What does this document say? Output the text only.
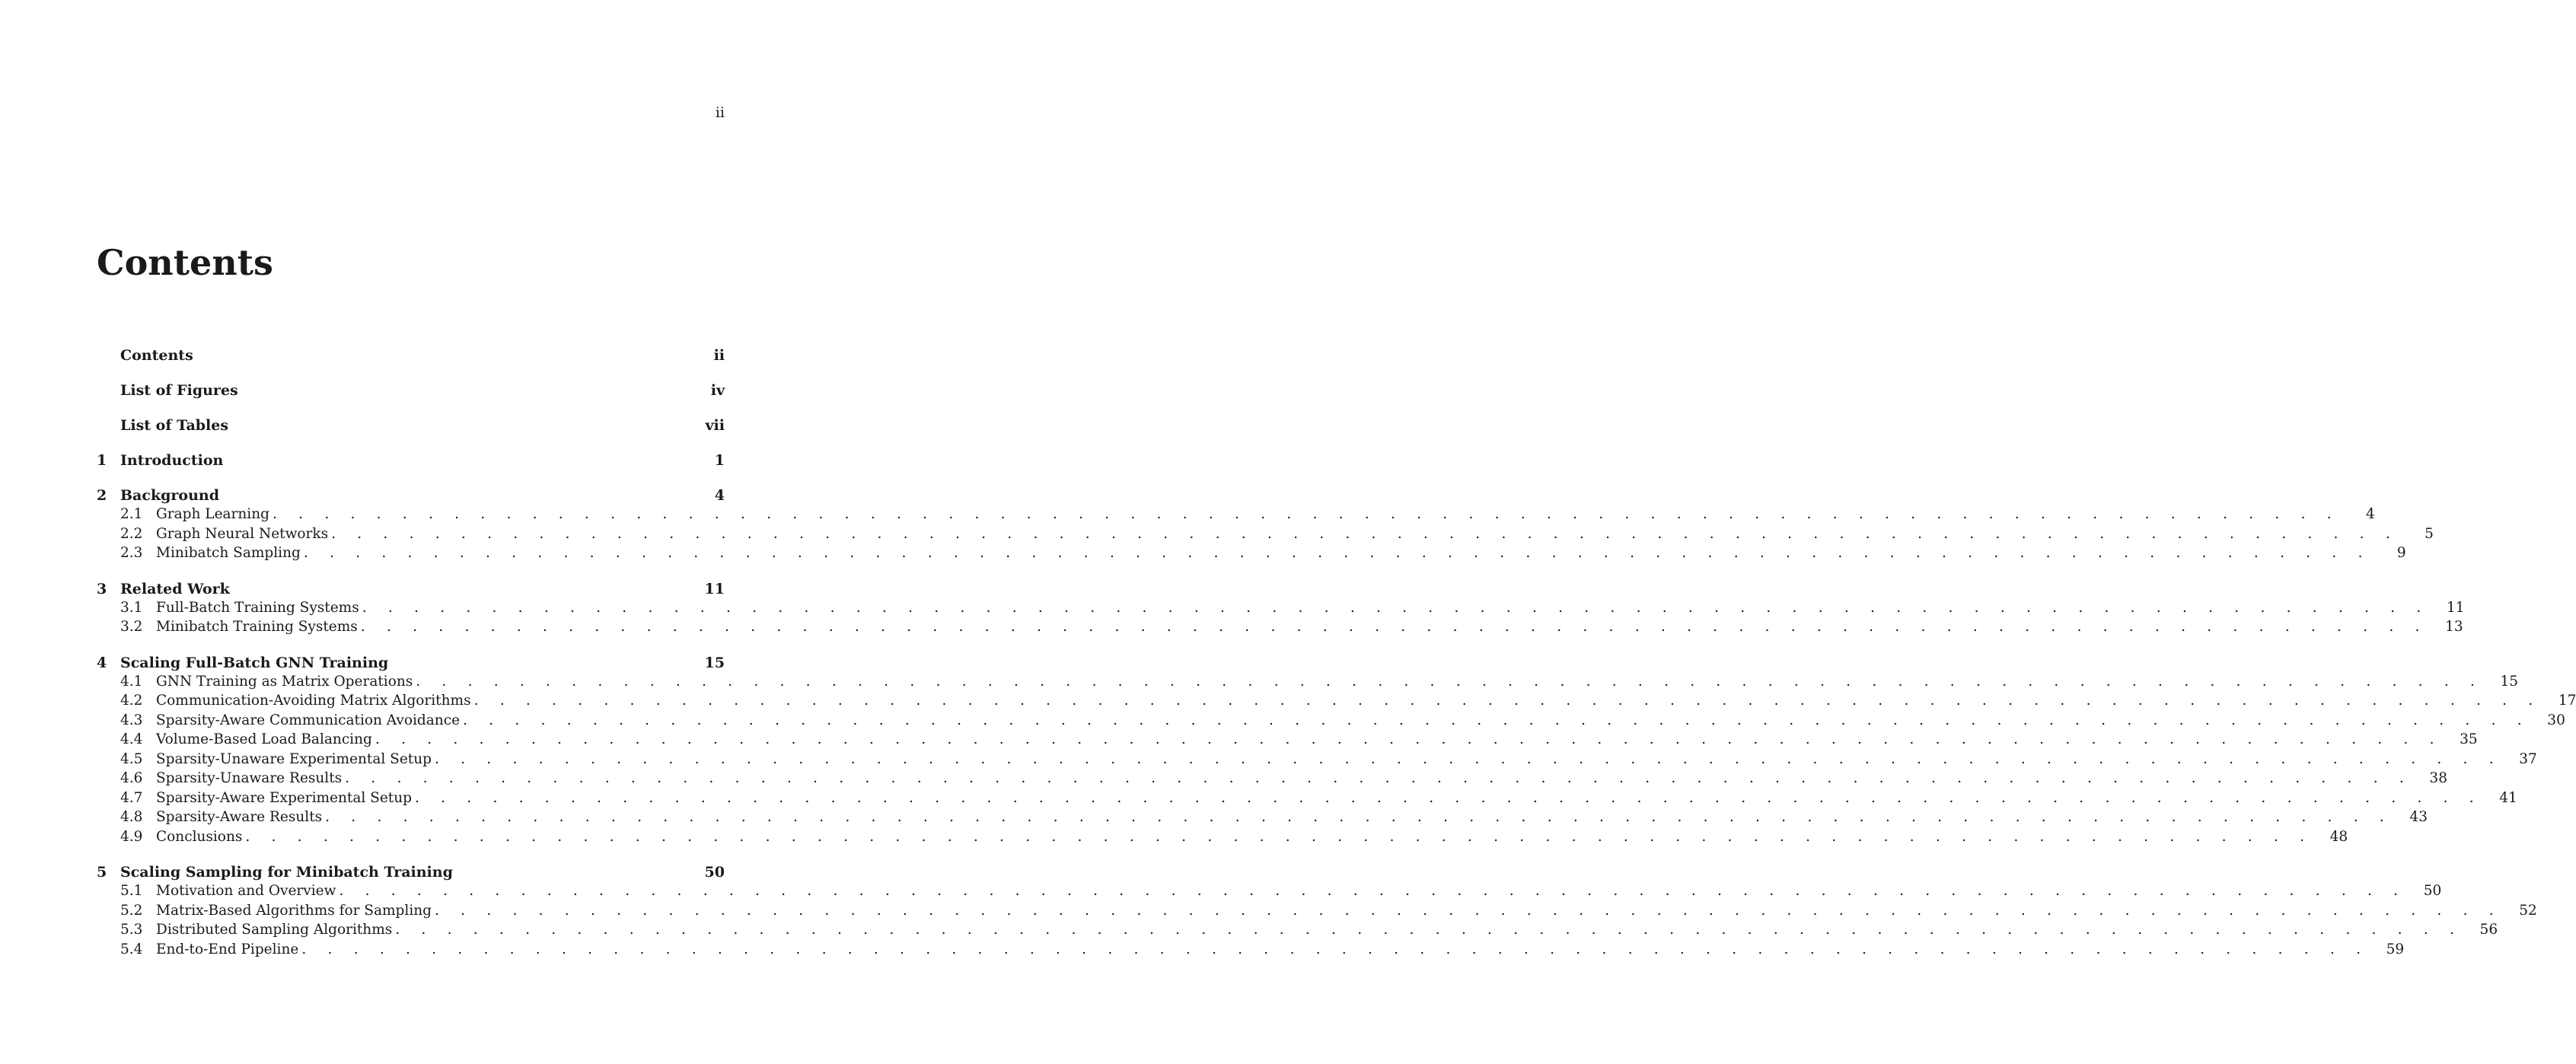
ii
Contents
Contents	ii
List of Figures	iv
List of Tables	vii
1 Introduction	1
2 Background	4
2.1 Graph Learning . . . . . . . . . . . . . . . . . . . . . . . . . . . . . . . . . . . . . . . . . . . . . . . . . . . . . . . . . . . . . . . . . . . . . . . . . . . . . . . .	4
2.2 Graph Neural Networks . . . . . . . . . . . . . . . . . . . . . . . . . . . . . . . . . . . . . . . . . . . . . . . . . . . . . . . . . . . . . . . . . . . . . . . . . . . . . . . .	5
2.3 Minibatch Sampling . . . . . . . . . . . . . . . . . . . . . . . . . . . . . . . . . . . . . . . . . . . . . . . . . . . . . . . . . . . . . . . . . . . . . . . . . . . . . . . .	9
3 Related Work	11
3.1 Full-Batch Training Systems . . . . . . . . . . . . . . . . . . . . . . . . . . . . . . . . . . . . . . . . . . . . . . . . . . . . . . . . . . . . . . . . . . . . . . . . . . . . . . . .	11
3.2 Minibatch Training Systems . . . . . . . . . . . . . . . . . . . . . . . . . . . . . . . . . . . . . . . . . . . . . . . . . . . . . . . . . . . . . . . . . . . . . . . . . . . . . . . .	13
4 Scaling Full-Batch GNN Training	15
4.1 GNN Training as Matrix Operations . . . . . . . . . . . . . . . . . . . . . . . . . . . . . . . . . . . . . . . . . . . . . . . . . . . . . . . . . . . . . . . . . . . . . . . . . . . . . . . .	15
4.2 Communication-Avoiding Matrix Algorithms . . . . . . . . . . . . . . . . . . . . . . . . . . . . . . . . . . . . . . . . . . . . . . . . . . . . . . . . . . . . . . . . . . . . . . . . . . . . . . . .	17
4.3 Sparsity-Aware Communication Avoidance . . . . . . . . . . . . . . . . . . . . . . . . . . . . . . . . . . . . . . . . . . . . . . . . . . . . . . . . . . . . . . . . . . . . . . . . . . . . . . . .	30
4.4 Volume-Based Load Balancing . . . . . . . . . . . . . . . . . . . . . . . . . . . . . . . . . . . . . . . . . . . . . . . . . . . . . . . . . . . . . . . . . . . . . . . . . . . . . . . .	35
4.5 Sparsity-Unaware Experimental Setup . . . . . . . . . . . . . . . . . . . . . . . . . . . . . . . . . . . . . . . . . . . . . . . . . . . . . . . . . . . . . . . . . . . . . . . . . . . . . . . .	37
4.6 Sparsity-Unaware Results . . . . . . . . . . . . . . . . . . . . . . . . . . . . . . . . . . . . . . . . . . . . . . . . . . . . . . . . . . . . . . . . . . . . . . . . . . . . . . . .	38
4.7 Sparsity-Aware Experimental Setup . . . . . . . . . . . . . . . . . . . . . . . . . . . . . . . . . . . . . . . . . . . . . . . . . . . . . . . . . . . . . . . . . . . . . . . . . . . . . . . .	41
4.8 Sparsity-Aware Results . . . . . . . . . . . . . . . . . . . . . . . . . . . . . . . . . . . . . . . . . . . . . . . . . . . . . . . . . . . . . . . . . . . . . . . . . . . . . . . .	43
4.9 Conclusions . . . . . . . . . . . . . . . . . . . . . . . . . . . . . . . . . . . . . . . . . . . . . . . . . . . . . . . . . . . . . . . . . . . . . . . . . . . . . . . .	48
5 Scaling Sampling for Minibatch Training	50
5.1 Motivation and Overview . . . . . . . . . . . . . . . . . . . . . . . . . . . . . . . . . . . . . . . . . . . . . . . . . . . . . . . . . . . . . . . . . . . . . . . . . . . . . . . .	50
5.2 Matrix-Based Algorithms for Sampling . . . . . . . . . . . . . . . . . . . . . . . . . . . . . . . . . . . . . . . . . . . . . . . . . . . . . . . . . . . . . . . . . . . . . . . . . . . . . . . .	52
5.3 Distributed Sampling Algorithms . . . . . . . . . . . . . . . . . . . . . . . . . . . . . . . . . . . . . . . . . . . . . . . . . . . . . . . . . . . . . . . . . . . . . . . . . . . . . . . .	56
5.4 End-to-End Pipeline . . . . . . . . . . . . . . . . . . . . . . . . . . . . . . . . . . . . . . . . . . . . . . . . . . . . . . . . . . . . . . . . . . . . . . . . . . . . . . . .	59
